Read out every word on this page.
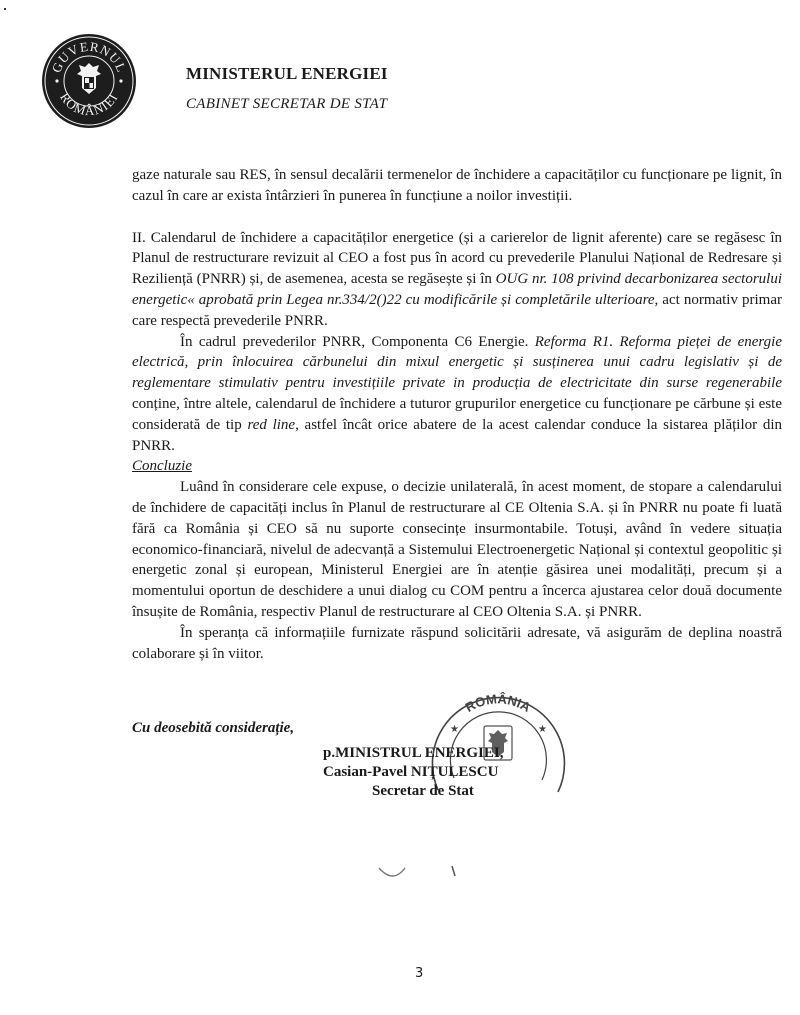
GUVERNUL
ROMÂNIEI
MINISTERUL ENERGIEI
CABINET SECRETAR DE STAT

gaze naturale sau RES, în sensul decalării termenelor de închidere a capacităților cu funcționare pe lignit, în cazul în care ar exista întârzieri în punerea în funcțiune a noilor investiții.

II. Calendarul de închidere a capacităților energetice (și a carierelor de lignit aferente) care se regăsesc în Planul de restructurare revizuit al CEO a fost pus în acord cu prevederile Planului Național de Redresare și Reziliență (PNRR) și, de asemenea, acesta se regăsește și în OUG nr. 108 privind decarbonizarea sectorului energetic« aprobată prin Legea nr.334/2()22 cu modificările și completările ulterioare, act normativ primar care respectă prevederile PNRR.

În cadrul prevederilor PNRR, Componenta C6 Energie. Reforma R1. Reforma pieței de energie electrică, prin înlocuirea cărbunelui din mixul energetic și susținerea unui cadru legislativ și de reglementare stimulativ pentru investițiile private in producția de electricitate din surse regenerabile conține, între altele, calendarul de închidere a tuturor grupurilor energetice cu funcționare pe cărbune și este considerată de tip red line, astfel încât orice abatere de la acest calendar conduce la sistarea plăților din PNRR.

Concluzie

Luând în considerare cele expuse, o decizie unilaterală, în acest moment, de stopare a calendarului de închidere de capacități inclus în Planul de restructurare al CE Oltenia S.A. și în PNRR nu poate fi luată fără ca România și CEO să nu suporte consecințe insurmontabile. Totuși, având în vedere situația economico-financiară, nivelul de adecvanță a Sistemului Electroenergetic Național și contextul geopolitic și energetic zonal și european, Ministerul Energiei are în atenție găsirea unei modalități, precum și a momentului oportun de deschidere a unui dialog cu COM pentru a încerca ajustarea celor două documente însușite de România, respectiv Planul de restructurare al CEO Oltenia S.A. și PNRR.

În speranța că informațiile furnizate răspund solicitării adresate, vă asigurăm de deplina noastră colaborare și în viitor.

Cu deosebită considerație,
ROMÂNIA
★	★
p.MINISTRUL ENERGIEI,
Casian-Pavel NIȚULESCU
Secretar de Stat
3
